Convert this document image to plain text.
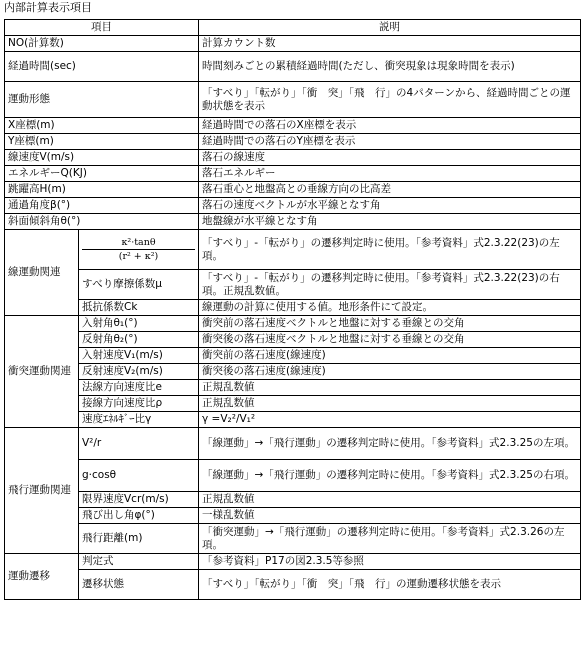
内部計算表示項目
項目		説明
NO(計算数)		計算カウント数
経過時間(sec)		時間刻みごとの累積経過時間(ただし、衝突現象は現象時間を表示)
運動形態		「すべり」「転がり」「衝　突」「飛　行」の4パターンから、経過時間ごとの運動状態を表示
X座標(m)		経過時間での落石のX座標を表示
Y座標(m)		経過時間での落石のY座標を表示
線速度V(m/s)		落石の線速度
エネルギーQ(KJ)		落石エネルギー
跳躍高H(m)		落石重心と地盤高との垂線方向の比高差
通過角度β(°)		落石の速度ベクトルが水平線となす角
斜面傾斜角θ(°)		地盤線が水平線となす角
線運動関連	$\frac{\text{κ²·tanθ}}{\text{(r² + κ²)}}$	「すべり」-「転がり」の遷移判定時に使用。「参考資料」式2.3.22(23)の左項。
	すべり摩擦係数μ	「すべり」-「転がり」の遷移判定時に使用。「参考資料」式2.3.22(23)の右項。正規乱数値。
	抵抗係数Ck	線運動の計算に使用する値。地形条件にて設定。
衝突運動関連	入射角θ₁(°)	衝突前の落石速度ベクトルと地盤に対する垂線との交角
	反射角θ₂(°)	衝突後の落石速度ベクトルと地盤に対する垂線との交角
	入射速度V₁(m/s)	衝突前の落石速度(線速度)
	反射速度V₂(m/s)	衝突後の落石速度(線速度)
	法線方向速度比e	正規乱数値
	接線方向速度比ρ	正規乱数値
	速度ｴﾈﾙｷﾞｰ比γ	γ =V₂²/V₁²
飛行運動関連	V²/r	「線運動」→「飛行運動」の遷移判定時に使用。「参考資料」式2.3.25の左項。
	g·cosθ	「線運動」→「飛行運動」の遷移判定時に使用。「参考資料」式2.3.25の右項。
	限界速度Vcr(m/s)	正規乱数値
	飛び出し角φ(°)	一様乱数値
	飛行距離(m)	「衝突運動」→「飛行運動」の遷移判定時に使用。「参考資料」式2.3.26の左項。
運動遷移	判定式	「参考資料」P17の図2.3.5等参照
	遷移状態	「すべり」「転がり」「衝　突」「飛　行」の運動遷移状態を表示
